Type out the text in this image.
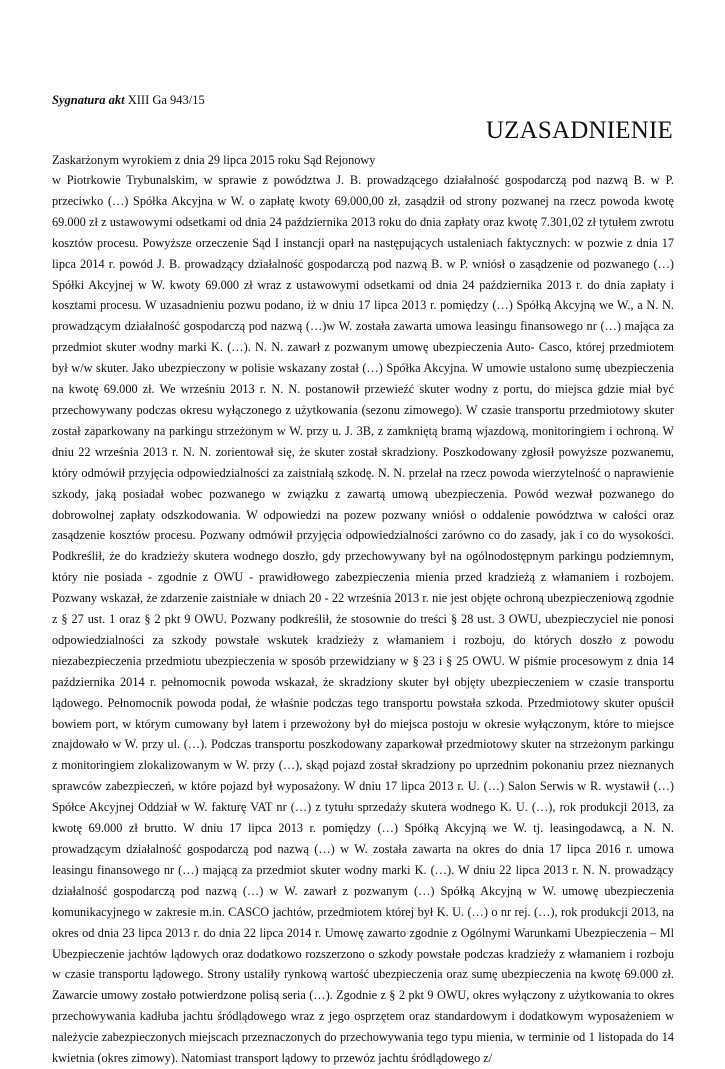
Sygnatura akt XIII Ga 943/15
UZASADNIENIE
Zaskarżonym wyrokiem z dnia 29 lipca 2015 roku Sąd Rejonowy

w Piotrkowie Trybunalskim, w sprawie z powództwa J. B. prowadzącego działalność gospodarczą pod nazwą B. w P. przeciwko (…) Spółka Akcyjna w W. o zapłatę kwoty 69.000,00 zł, zasądził od strony pozwanej na rzecz powoda kwotę 69.000 zł z ustawowymi odsetkami od dnia 24 października 2013 roku do dnia zapłaty oraz kwotę 7.301,02 zł tytułem zwrotu kosztów procesu. Powyższe orzeczenie Sąd I instancji oparł na następujących ustaleniach faktycznych: w pozwie z dnia 17 lipca 2014 r. powód J. B. prowadzący działalność gospodarczą pod nazwą B. w P. wniósł o zasądzenie od pozwanego (…) Spółki Akcyjnej w W. kwoty 69.000 zł wraz z ustawowymi odsetkami od dnia 24 października 2013 r. do dnia zapłaty i kosztami procesu. W uzasadnieniu pozwu podano, iż w dniu 17 lipca 2013 r. pomiędzy (…) Spółką Akcyjną we W., a N. N. prowadzącym działalność gospodarczą pod nazwą (…)w W. została zawarta umowa leasingu finansowego nr (…) mająca za przedmiot skuter wodny marki K. (…). N. N. zawarł z pozwanym umowę ubezpieczenia Auto- Casco, której przedmiotem był w/w skuter. Jako ubezpieczony w polisie wskazany został (…) Spółka Akcyjna. W umowie ustalono sumę ubezpieczenia na kwotę 69.000 zł. We wrześniu 2013 r. N. N. postanowił przewieźć skuter wodny z portu, do miejsca gdzie miał być przechowywany podczas okresu wyłączonego z użytkowania (sezonu zimowego). W czasie transportu przedmiotowy skuter został zaparkowany na parkingu strzeżonym w W. przy u. J. 3B, z zamkniętą bramą wjazdową, monitoringiem i ochroną. W dniu 22 września 2013 r. N. N. zorientował się, że skuter został skradziony. Poszkodowany zgłosił powyższe pozwanemu, który odmówił przyjęcia odpowiedzialności za zaistniałą szkodę. N. N. przelał na rzecz powoda wierzytelność o naprawienie szkody, jaką posiadał wobec pozwanego w związku z zawartą umową ubezpieczenia. Powód wezwał pozwanego do dobrowolnej zapłaty odszkodowania. W odpowiedzi na pozew pozwany wniósł o oddalenie powództwa w całości oraz zasądzenie kosztów procesu. Pozwany odmówił przyjęcia odpowiedzialności zarówno co do zasady, jak i co do wysokości. Podkreślił, że do kradzieży skutera wodnego doszło, gdy przechowywany był na ogólnodostępnym parkingu podziemnym, który nie posiada - zgodnie z OWU - prawidłowego zabezpieczenia mienia przed kradzieżą z włamaniem i rozbojem. Pozwany wskazał, że zdarzenie zaistniałe w dniach 20 - 22 września 2013 r. nie jest objęte ochroną ubezpieczeniową zgodnie z § 27 ust. 1 oraz § 2 pkt 9 OWU. Pozwany podkreślił, że stosownie do treści § 28 ust. 3 OWU, ubezpieczyciel nie ponosi odpowiedzialności za szkody powstałe wskutek kradzieży z włamaniem i rozboju, do których doszło z powodu niezabezpieczenia przedmiotu ubezpieczenia w sposób przewidziany w § 23 i § 25 OWU. W piśmie procesowym z dnia 14 października 2014 r. pełnomocnik powoda wskazał, że skradziony skuter był objęty ubezpieczeniem w czasie transportu lądowego. Pełnomocnik powoda podał, że właśnie podczas tego transportu powstała szkoda. Przedmiotowy skuter opuścił bowiem port, w którym cumowany był latem i przewożony był do miejsca postoju w okresie wyłączonym, które to miejsce znajdowało w W. przy ul. (…). Podczas transportu poszkodowany zaparkował przedmiotowy skuter na strzeżonym parkingu z monitoringiem zlokalizowanym w W. przy (…), skąd pojazd został skradziony po uprzednim pokonaniu przez nieznanych sprawców zabezpieczeń, w które pojazd był wyposażony. W dniu 17 lipca 2013 r. U. (…) Salon Serwis w R. wystawił (…) Spółce Akcyjnej Oddział w W. fakturę VAT nr (…) z tytułu sprzedaży skutera wodnego K. U. (…), rok produkcji 2013, za kwotę 69.000 zł brutto. W dniu 17 lipca 2013 r. pomiędzy (…) Spółką Akcyjną we W. tj. leasingodawcą, a N. N. prowadzącym działalność gospodarczą pod nazwą (…) w W. została zawarta na okres do dnia 17 lipca 2016 r. umowa leasingu finansowego nr (…) mającą za przedmiot skuter wodny marki K. (…). W dniu 22 lipca 2013 r. N. N. prowadzący działalność gospodarczą pod nazwą (…) w W. zawarł z pozwanym (…) Spółką Akcyjną w W. umowę ubezpieczenia komunikacyjnego w zakresie m.in. CASCO jachtów, przedmiotem której był K. U. (…) o nr rej. (…), rok produkcji 2013, na okres od dnia 23 lipca 2013 r. do dnia 22 lipca 2014 r. Umowę zawarto zgodnie z Ogólnymi Warunkami Ubezpieczenia – Ml Ubezpieczenie jachtów lądowych oraz dodatkowo rozszerzono o szkody powstałe podczas kradzieży z włamaniem i rozboju w czasie transportu lądowego. Strony ustaliły rynkową wartość ubezpieczenia oraz sumę ubezpieczenia na kwotę 69.000 zł. Zawarcie umowy zostało potwierdzone polisą seria (…). Zgodnie z § 2 pkt 9 OWU, okres wyłączony z użytkowania to okres przechowywania kadłuba jachtu śródlądowego wraz z jego osprzętem oraz standardowym i dodatkowym wyposażeniem w należycie zabezpieczonych miejscach przeznaczonych do przechowywania tego typu mienia, w terminie od 1 listopada do 14 kwietnia (okres zimowy). Natomiast transport lądowy to przewóz jachtu śródlądowego z/
